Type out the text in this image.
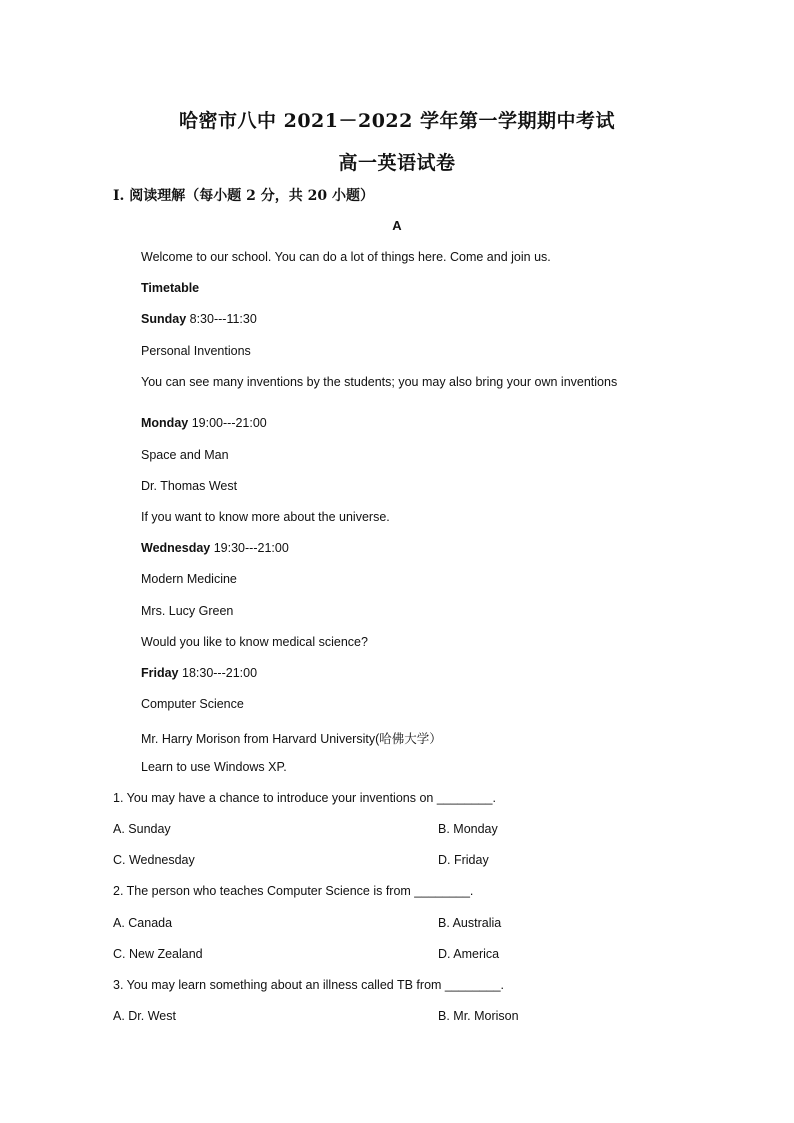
哈密市八中 2021－2022 学年第一学期期中考试
高一英语试卷
I. 阅读理解（每小题 2 分，共 20 小题）
A
Welcome to our school. You can do a lot of things here. Come and join us.
Timetable
Sunday 8:30---11:30
Personal Inventions
You can see many inventions by the students; you may also bring your own inventions
Monday 19:00---21:00
Space and Man
Dr. Thomas West
If you want to know more about the universe.
Wednesday 19:30---21:00
Modern Medicine
Mrs. Lucy Green
Would you like to know medical science?
Friday 18:30---21:00
Computer Science
Mr. Harry Morison from Harvard University(哈佛大学）
Learn to use Windows XP.
1. You may have a chance to introduce your inventions on ________.
A. Sunday	B. Monday
C. Wednesday	D. Friday
2. The person who teaches Computer Science is from ________.
A. Canada	B. Australia
C. New Zealand	D. America
3. You may learn something about an illness called TB from ________.
A. Dr. West	B. Mr. Morison
